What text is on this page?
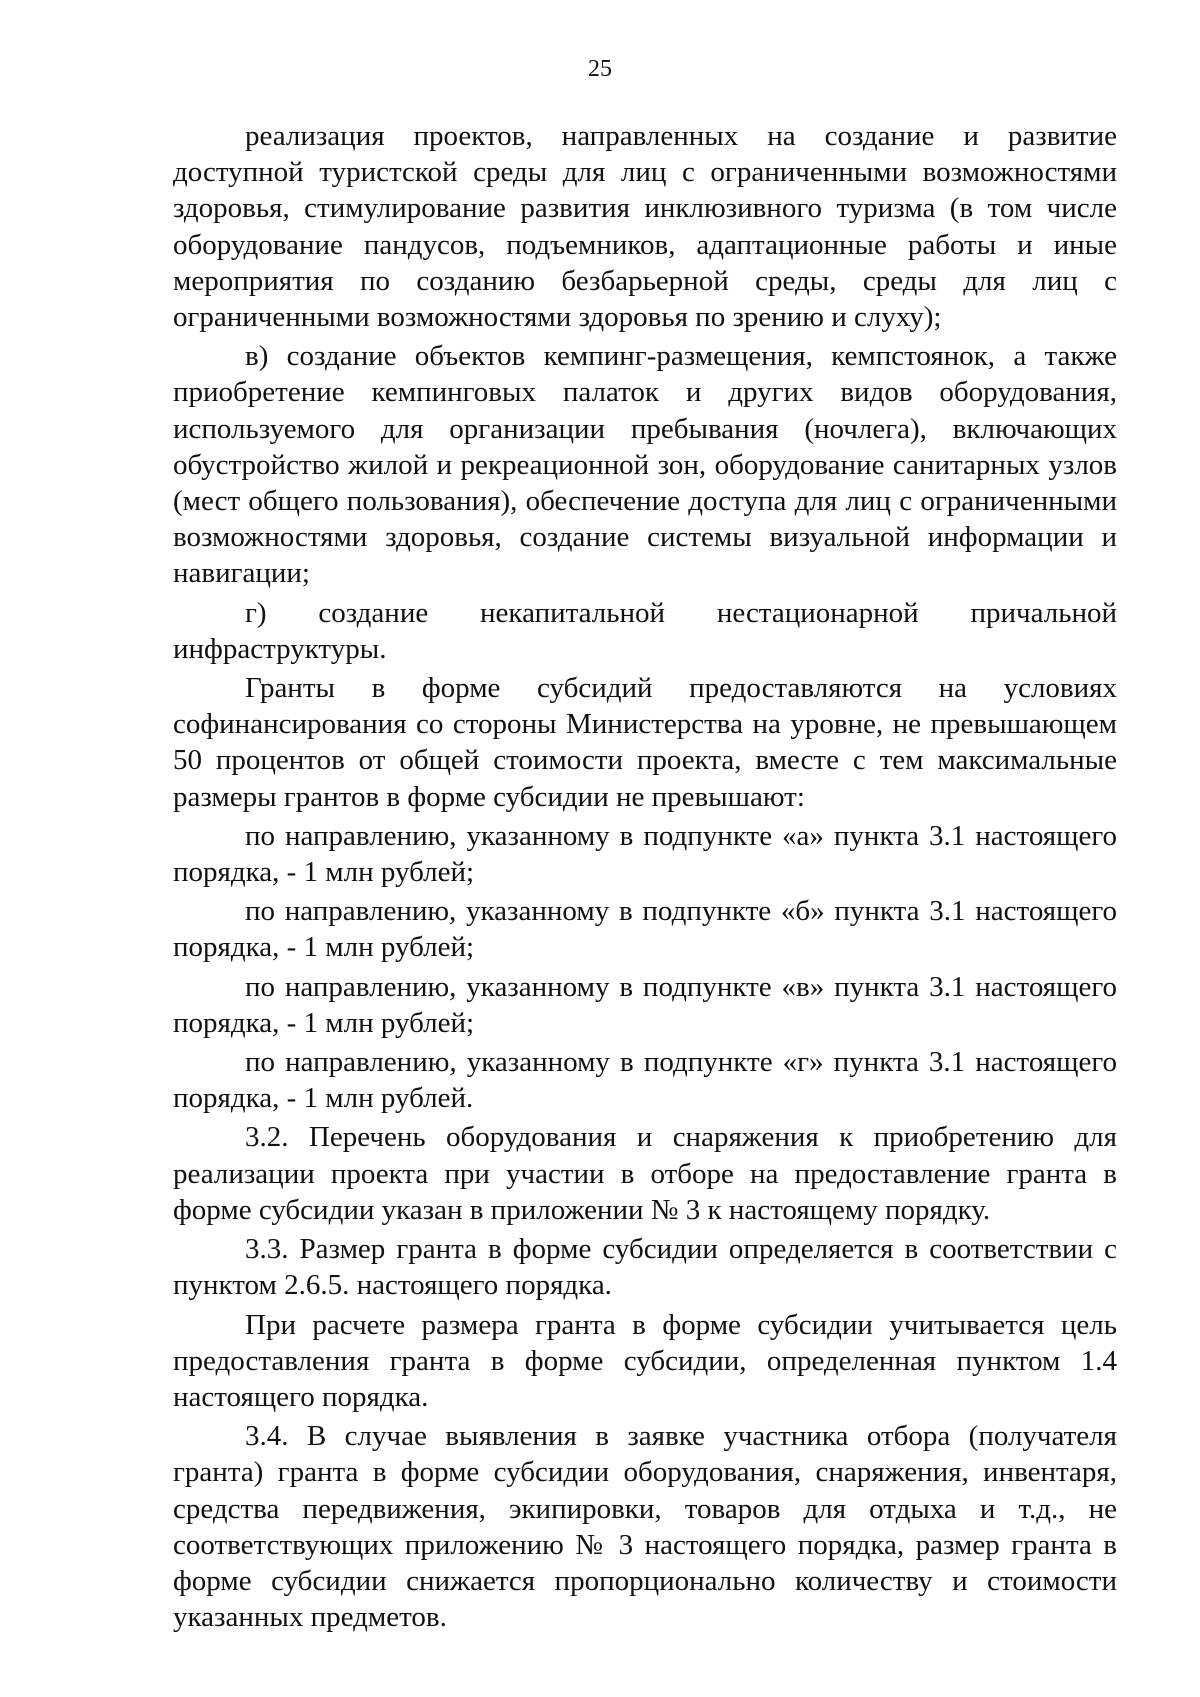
25

реализация проектов, направленных на создание и развитие доступной туристской среды для лиц с ограниченными возможностями здоровья, стимулирование развития инклюзивного туризма (в том числе оборудование пандусов, подъемников, адаптационные работы и иные мероприятия по созданию безбарьерной среды, среды для лиц с ограниченными возможностями здоровья по зрению и слуху);

в) создание объектов кемпинг-размещения, кемпстоянок, а также приобретение кемпинговых палаток и других видов оборудования, используемого для организации пребывания (ночлега), включающих обустройство жилой и рекреационной зон, оборудование санитарных узлов (мест общего пользования), обеспечение доступа для лиц с ограниченными возможностями здоровья, создание системы визуальной информации и навигации;

г) создание некапитальной нестационарной причальной инфраструктуры.

Гранты в форме субсидий предоставляются на условиях софинансирования со стороны Министерства на уровне, не превышающем 50 процентов от общей стоимости проекта, вместе с тем максимальные размеры грантов в форме субсидии не превышают:

по направлению, указанному в подпункте «а» пункта 3.1 настоящего порядка, - 1 млн рублей;

по направлению, указанному в подпункте «б» пункта 3.1 настоящего порядка, - 1 млн рублей;

по направлению, указанному в подпункте «в» пункта 3.1 настоящего порядка, - 1 млн рублей;

по направлению, указанному в подпункте «г» пункта 3.1 настоящего порядка, - 1 млн рублей.

3.2. Перечень оборудования и снаряжения к приобретению для реализации проекта при участии в отборе на предоставление гранта в форме субсидии указан в приложении № 3 к настоящему порядку.

3.3. Размер гранта в форме субсидии определяется в соответствии с пунктом 2.6.5. настоящего порядка.

При расчете размера гранта в форме субсидии учитывается цель предоставления гранта в форме субсидии, определенная пунктом 1.4 настоящего порядка.

3.4. В случае выявления в заявке участника отбора (получателя гранта) гранта в форме субсидии оборудования, снаряжения, инвентаря, средства передвижения, экипировки, товаров для отдыха и т.д., не соответствующих приложению № 3 настоящего порядка, размер гранта в форме субсидии снижается пропорционально количеству и стоимости указанных предметов.
